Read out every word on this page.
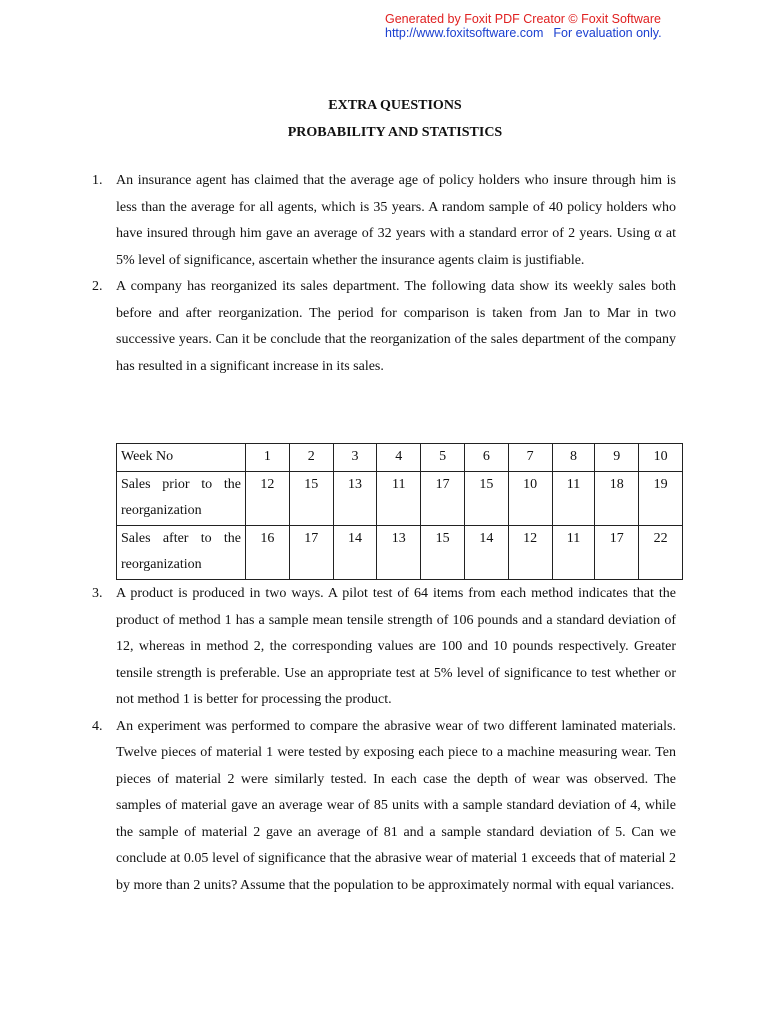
Generated by Foxit PDF Creator © Foxit Software
http://www.foxitsoftware.com For evaluation only.
EXTRA QUESTIONS
PROBABILITY AND STATISTICS
1. An insurance agent has claimed that the average age of policy holders who insure through him is less than the average for all agents, which is 35 years. A random sample of 40 policy holders who have insured through him gave an average of 32 years with a standard error of 2 years. Using α at 5% level of significance, ascertain whether the insurance agents claim is justifiable.
2. A company has reorganized its sales department. The following data show its weekly sales both before and after reorganization. The period for comparison is taken from Jan to Mar in two successive years. Can it be conclude that the reorganization of the sales department of the company has resulted in a significant increase in its sales.
3. A product is produced in two ways. A pilot test of 64 items from each method indicates that the product of method 1 has a sample mean tensile strength of 106 pounds and a standard deviation of 12, whereas in method 2, the corresponding values are 100 and 10 pounds respectively. Greater tensile strength is preferable. Use an appropriate test at 5% level of significance to test whether or not method 1 is better for processing the product.
4. An experiment was performed to compare the abrasive wear of two different laminated materials. Twelve pieces of material 1 were tested by exposing each piece to a machine measuring wear. Ten pieces of material 2 were similarly tested. In each case the depth of wear was observed. The samples of material gave an average wear of 85 units with a sample standard deviation of 4, while the sample of material 2 gave an average of 81 and a sample standard deviation of 5. Can we conclude at 0.05 level of significance that the abrasive wear of material 1 exceeds that of material 2 by more than 2 units? Assume that the population to be approximately normal with equal variances.
Week No	1	2	3	4	5	6	7	8	9	10
Sales prior to the reorganization	12	15	13	11	17	15	10	11	18	19
Sales after to the reorganization	16	17	14	13	15	14	12	11	17	22
